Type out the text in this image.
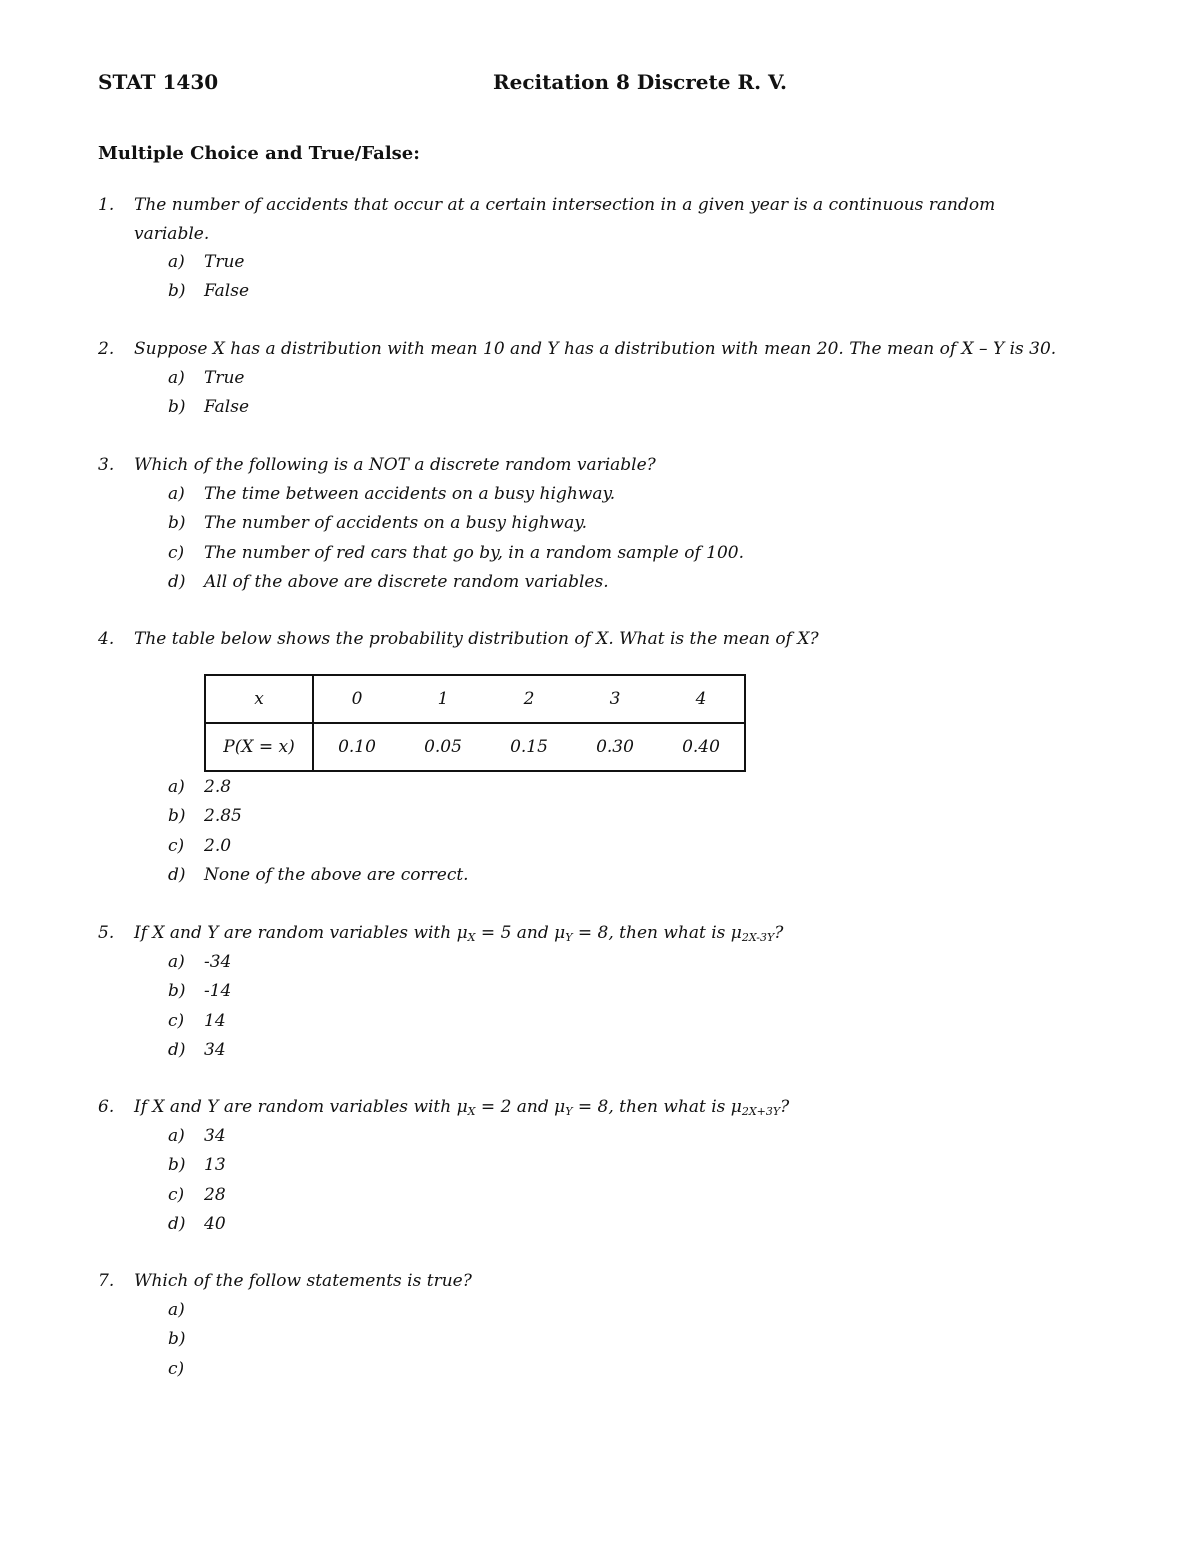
STAT 1430	Recitation 8 Discrete R. V.
Multiple Choice and True/False:
1. The number of accidents that occur at a certain intersection in a given year is a continuous random
variable.
a) True
b) False
2. Suppose X has a distribution with mean 10 and Y has a distribution with mean 20. The mean of X – Y is 30.
a) True
b) False
3. Which of the following is a NOT a discrete random variable?
a) The time between accidents on a busy highway.
b) The number of accidents on a busy highway.
c) The number of red cars that go by, in a random sample of 100.
d) All of the above are discrete random variables.
4. The table below shows the probability distribution of X. What is the mean of X?
a) 2.8
b) 2.85
c) 2.0
d) None of the above are correct.
x	0	1	2	3	4
P(X = x)	0.10	0.05	0.15	0.30	0.40
5. If X and Y are random variables with $\mu_X = 5$ and $\mu_Y = 8$, then what is $\mu_{2X-3Y}$?
a) -34
b) -14
c) 14
d) 34
6. If X and Y are random variables with $\mu_X = 2$ and $\mu_Y = 8$, then what is $\mu_{2X+3Y}$?
a) 34
b) 13
c) 28
d) 40
7. Which of the follow statements is true?
a)
b)
c)
